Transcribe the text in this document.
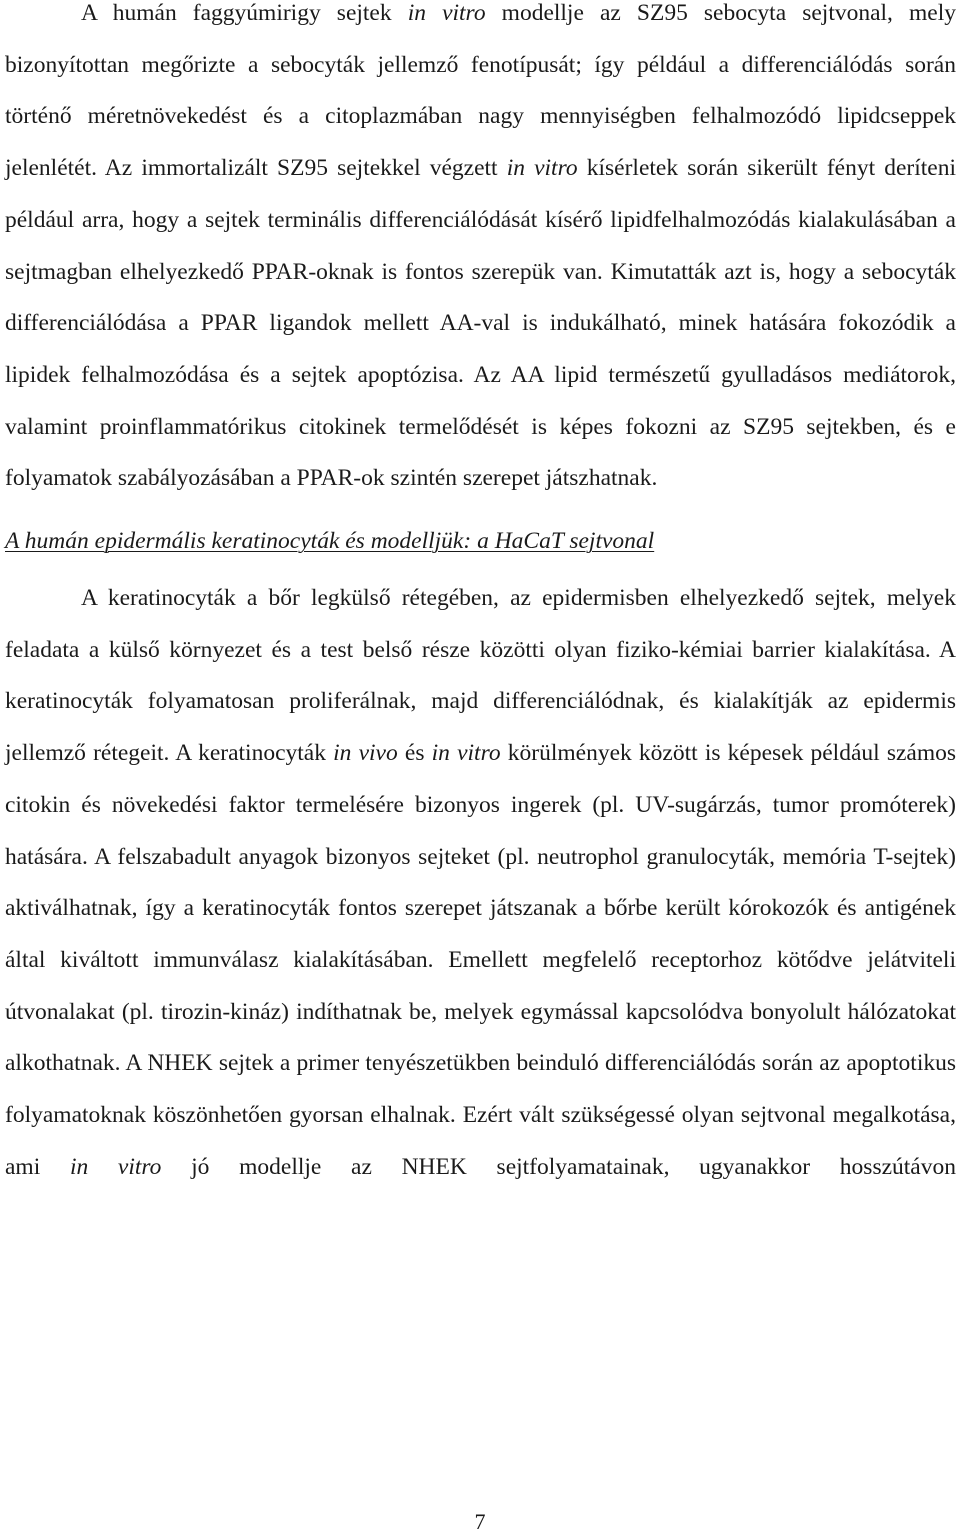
A humán faggyúmirigy sejtek in vitro modellje az SZ95 sebocyta sejtvonal, mely bizonyítottan megőrizte a sebocyták jellemző fenotípusát; így például a differenciálódás során történő méretnövekedést és a citoplazmában nagy mennyiségben felhalmozódó lipidcseppek jelenlétét. Az immortalizált SZ95 sejtekkel végzett in vitro kísérletek során sikerült fényt deríteni például arra, hogy a sejtek terminális differenciálódását kísérő lipidfelhalmozódás kialakulásában a sejtmagban elhelyezkedő PPAR-oknak is fontos szerepük van. Kimutatták azt is, hogy a sebocyták differenciálódása a PPAR ligandok mellett AA-val is indukálható, minek hatására fokozódik a lipidek felhalmozódása és a sejtek apoptózisa. Az AA lipid természetű gyulladásos mediátorok, valamint proinflammatórikus citokinek termelődését is képes fokozni az SZ95 sejtekben, és e folyamatok szabályozásában a PPAR-ok szintén szerepet játszhatnak.

A humán epidermális keratinocyták és modelljük: a HaCaT sejtvonal

A keratinocyták a bőr legkülső rétegében, az epidermisben elhelyezkedő sejtek, melyek feladata a külső környezet és a test belső része közötti olyan fiziko-kémiai barrier kialakítása. A keratinocyták folyamatosan proliferálnak, majd differenciálódnak, és kialakítják az epidermis jellemző rétegeit. A keratinocyták in vivo és in vitro körülmények között is képesek például számos citokin és növekedési faktor termelésére bizonyos ingerek (pl. UV-sugárzás, tumor promóterek) hatására. A felszabadult anyagok bizonyos sejteket (pl. neutrophol granulocyták, memória T-sejtek) aktiválhatnak, így a keratinocyták fontos szerepet játszanak a bőrbe került kórokozók és antigének által kiváltott immunválasz kialakításában. Emellett megfelelő receptorhoz kötődve jelátviteli útvonalakat (pl. tirozin-kináz) indíthatnak be, melyek egymással kapcsolódva bonyolult hálózatokat alkothatnak. A NHEK sejtek a primer tenyészetükben beinduló differenciálódás során az apoptotikus folyamatoknak köszönhetően gyorsan elhalnak. Ezért vált szükségessé olyan sejtvonal megalkotása, ami in vitro jó modellje az NHEK sejtfolyamatainak, ugyanakkor hosszútávon

7
